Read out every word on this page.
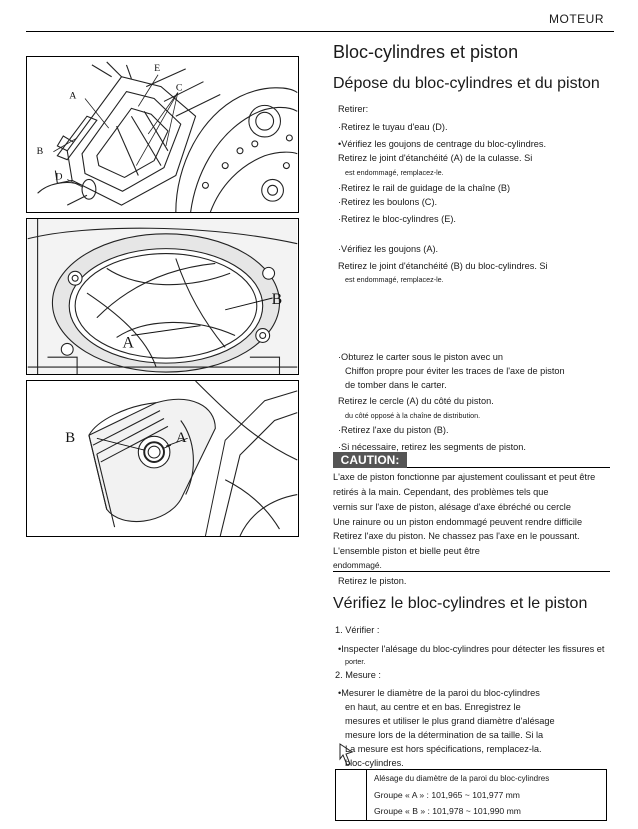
MOTEUR
E
A
C
B
D
B
A
B	A
Bloc-cylindres et piston
Dépose du bloc-cylindres et du piston
Retirer:
·Retirez le tuyau d'eau (D).
•Vérifiez les goujons de centrage du bloc-cylindres.
Retirez le joint d'étanchéité (A) de la culasse. Si
est endommagé, remplacez-le.
·Retirez le rail de guidage de la chaîne (B)
·Retirez les boulons (C).
·Retirez le bloc-cylindres (E).
·Vérifiez les goujons (A).
Retirez le joint d'étanchéité (B) du bloc-cylindres. Si
est endommagé, remplacez-le.
·Obturez le carter sous le piston avec un
Chiffon propre pour éviter les traces de l'axe de piston
de tomber dans le carter.
Retirez le cercle (A) du côté du piston.
du côté opposé à la chaîne de distribution.
·Retirez l'axe du piston (B).
·Si nécessaire, retirez les segments de piston.
CAUTION:
L'axe de piston fonctionne par ajustement coulissant et peut être
retirés à la main. Cependant, des problèmes tels que
vernis sur l'axe de piston, alésage d'axe ébréché ou cercle
Une rainure ou un piston endommagé peuvent rendre difficile
Retirez l'axe du piston. Ne chassez pas l'axe en le poussant.
L'ensemble piston et bielle peut être
endommagé.
Retirez le piston.
Vérifiez le bloc-cylindres et le piston
1. Vérifier :
•Inspecter l'alésage du bloc-cylindres pour détecter les fissures et
porter.
2. Mesure :
•Mesurer le diamètre de la paroi du bloc-cylindres
en haut, au centre et en bas. Enregistrez le
mesures et utiliser le plus grand diamètre d'alésage
mesure lors de la détermination de sa taille. Si la
La mesure est hors spécifications, remplacez-la.
bloc-cylindres.
Alésage du diamètre de la paroi du bloc-cylindres
Groupe « A » : 101,965 ~ 101,977 mm
Groupe « B » : 101,978 ~ 101,990 mm
